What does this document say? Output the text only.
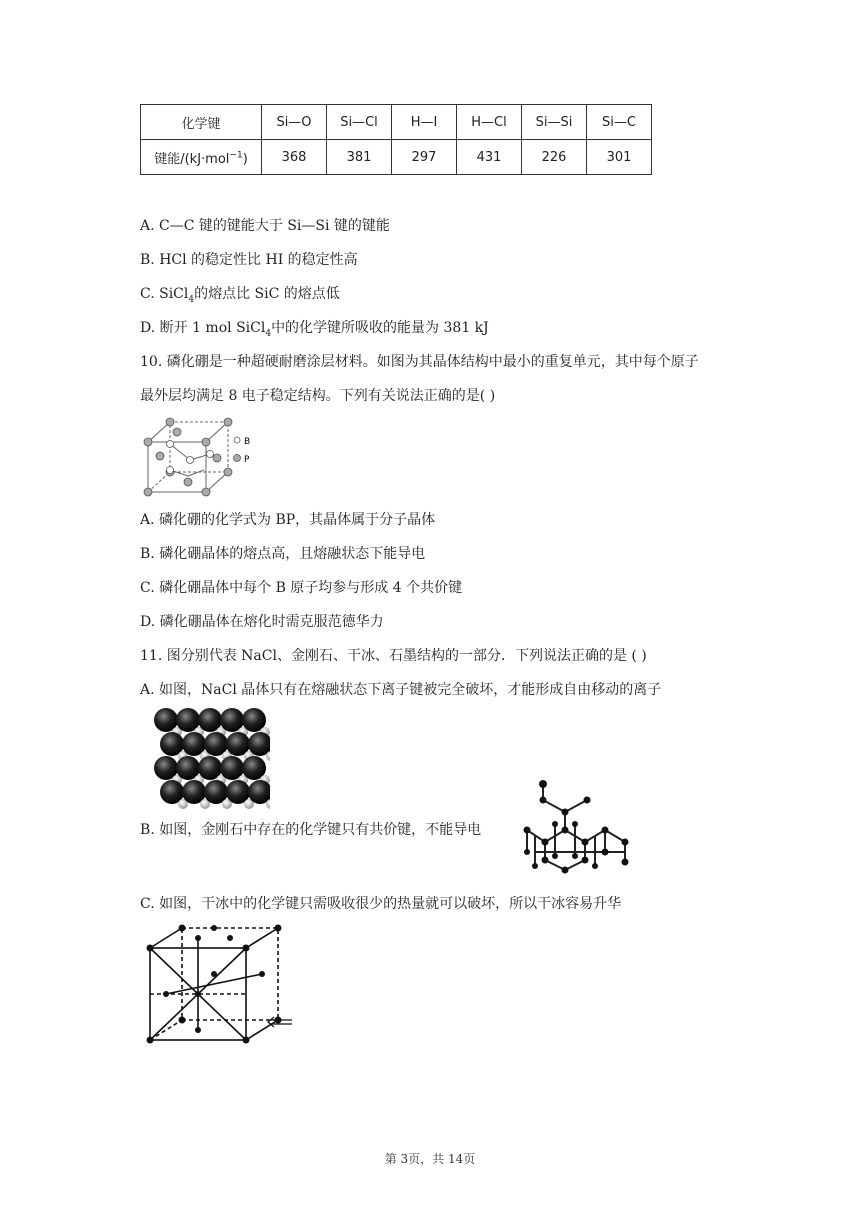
化学键	Si—O	Si—Cl	H—I	H—Cl	Si—Si	Si—C
键能/(kJ·mol$^{-1}$)	368	381	297	431	226	301
A. C—C 键的键能大于 Si—Si 键的键能
B. HCl 的稳定性比 HI 的稳定性高
C. SiCl$_4$的熔点比 SiC 的熔点低
D. 断开 1 mol SiCl$_4$中的化学键所吸收的能量为 381 kJ
10. 磷化硼是一种超硬耐磨涂层材料。如图为其晶体结构中最小的重复单元，其中每个原子
最外层均满足 8 电子稳定结构。下列有关说法正确的是( )
B
P
A. 磷化硼的化学式为 BP，其晶体属于分子晶体
B. 磷化硼晶体的熔点高，且熔融状态下能导电
C. 磷化硼晶体中每个 B 原子均参与形成 4 个共价键
D. 磷化硼晶体在熔化时需克服范德华力
11. 图分别代表 NaCl、金刚石、干冰、石墨结构的一部分．下列说法正确的是 ( )
A. 如图，NaCl 晶体只有在熔融状态下离子键被完全破坏，才能形成自由移动的离子
B. 如图，金刚石中存在的化学键只有共价键，不能导电
C. 如图，干冰中的化学键只需吸收很少的热量就可以破坏，所以干冰容易升华
第 3页，共 14页
